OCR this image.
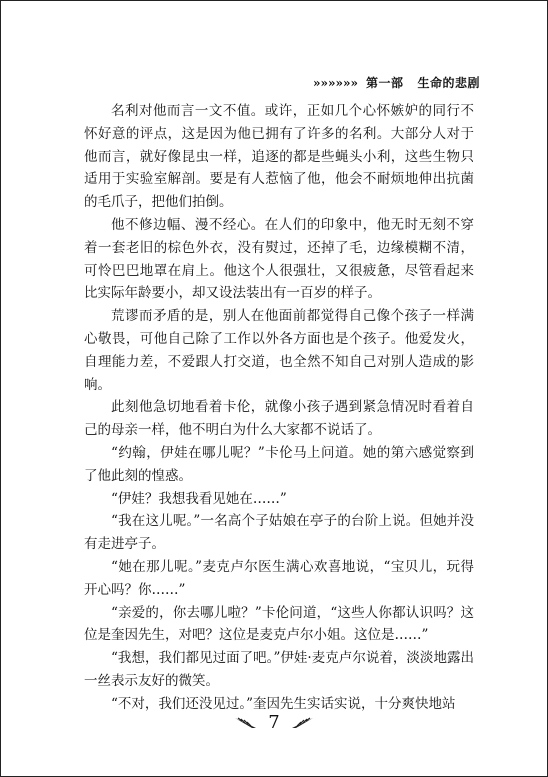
»»»»»» 第一部 生命的悲剧

名利对他而言一文不值。或许，正如几个心怀嫉妒的同行不怀好意的评点，这是因为他已拥有了许多的名利。大部分人对于他而言，就好像昆虫一样，追逐的都是些蝇头小利，这些生物只适用于实验室解剖。要是有人惹恼了他，他会不耐烦地伸出抗菌的毛爪子，把他们拍倒。

他不修边幅、漫不经心。在人们的印象中，他无时无刻不穿着一套老旧的棕色外衣，没有熨过，还掉了毛，边缘模糊不清，可怜巴巴地罩在肩上。他这个人很强壮，又很疲惫，尽管看起来比实际年龄要小，却又设法装出有一百岁的样子。

荒谬而矛盾的是，别人在他面前都觉得自己像个孩子一样满心敬畏，可他自己除了工作以外各方面也是个孩子。他爱发火，自理能力差，不爱跟人打交道，也全然不知自己对别人造成的影响。

此刻他急切地看着卡伦，就像小孩子遇到紧急情况时看着自己的母亲一样，他不明白为什么大家都不说话了。

“约翰，伊娃在哪儿呢？”卡伦马上问道。她的第六感觉察到了他此刻的惶惑。

“伊娃？我想我看见她在……”

“我在这儿呢。”一名高个子姑娘在亭子的台阶上说。但她并没有走进亭子。

“她在那儿呢。”麦克卢尔医生满心欢喜地说，“宝贝儿，玩得开心吗？你……”

“亲爱的，你去哪儿啦？”卡伦问道，“这些人你都认识吗？这位是奎因先生，对吧？这位是麦克卢尔小姐。这位是……”

“我想，我们都见过面了吧。”伊娃·麦克卢尔说着，淡淡地露出一丝表示友好的微笑。

“不对，我们还没见过。”奎因先生实话实说，十分爽快地站

7
